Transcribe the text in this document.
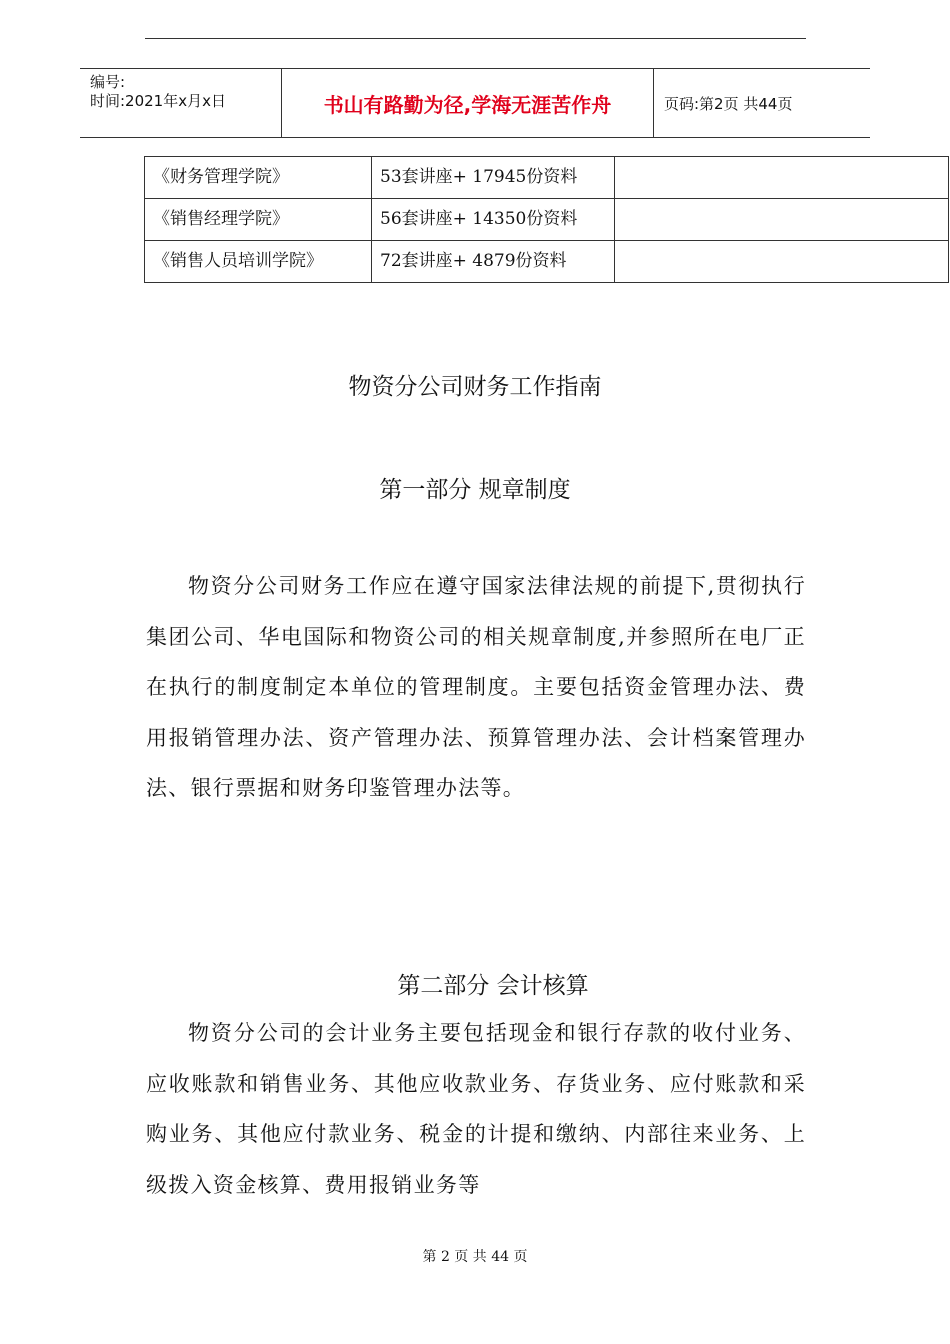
编号:
时间:2021年x月x日	书山有路勤为径,学海无涯苦作舟	页码:第2页 共44页
《财务管理学院》	53套讲座+ 17945份资料	
《销售经理学院》	56套讲座+ 14350份资料	
《销售人员培训学院》	72套讲座+ 4879份资料	
物资分公司财务工作指南
第一部分 规章制度

物资分公司财务工作应在遵守国家法律法规的前提下,贯彻执行集团公司、华电国际和物资公司的相关规章制度,并参照所在电厂正在执行的制度制定本单位的管理制度。主要包括资金管理办法、费用报销管理办法、资产管理办法、预算管理办法、会计档案管理办法、银行票据和财务印鉴管理办法等。

第二部分 会计核算

物资分公司的会计业务主要包括现金和银行存款的收付业务、应收账款和销售业务、其他应收款业务、存货业务、应付账款和采购业务、其他应付款业务、税金的计提和缴纳、内部往来业务、上级拨入资金核算、费用报销业务等

第 2 页 共 44 页
